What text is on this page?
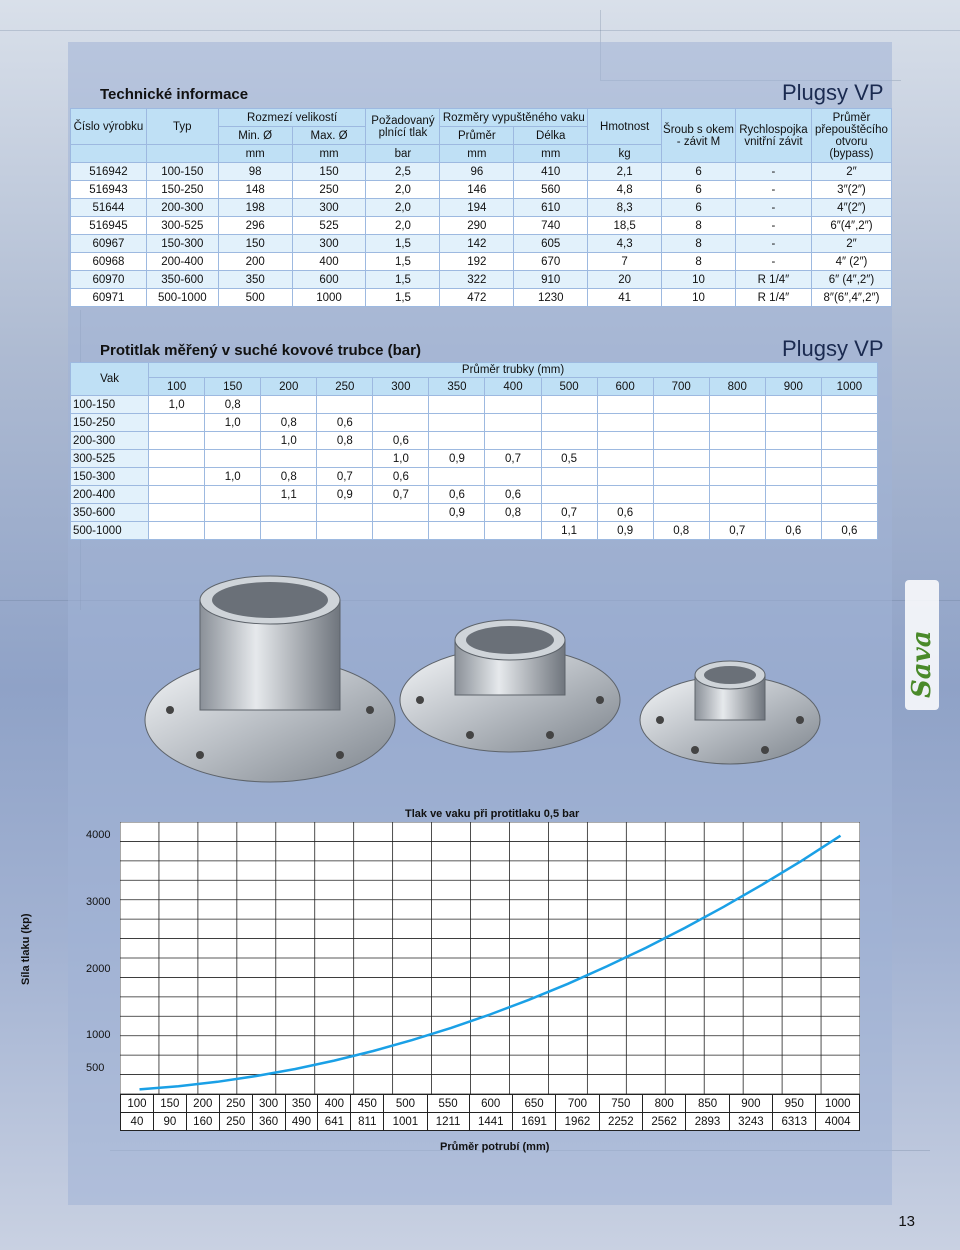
Technické informace	Plugsy VP
Číslo výrobku	Typ	Rozmezí velikostí		Požadovaný plnící tlak	Rozměry vypuštěného vaku		Hmotnost	Šroub s okem - závit M	Rychlospojka vnitřní závit	Průměr přepouštěcího otvoru (bypass)
		Min. Ø	Max. Ø		Průměr	Délka				
		mm	mm	bar	mm	mm	kg			
516942	100-150	98	150	2,5	96	410	2,1	6	-	2″
516943	150-250	148	250	2,0	146	560	4,8	6	-	3″(2″)
51644	200-300	198	300	2,0	194	610	8,3	6	-	4″(2″)
516945	300-525	296	525	2,0	290	740	18,5	8	-	6″(4″,2″)
60967	150-300	150	300	1,5	142	605	4,3	8	-	2″
60968	200-400	200	400	1,5	192	670	7	8	-	4″ (2″)
60970	350-600	350	600	1,5	322	910	20	10	R 1/4″	6″ (4″,2″)
60971	500-1000	500	1000	1,5	472	1230	41	10	R 1/4″	8″(6″,4″,2″)
Protitlak měřený v suché kovové trubce (bar)	Plugsy VP
Vak	Průměr trubky (mm)												
	100	150	200	250	300	350	400	500	600	700	800	900	1000
100-150	1,0	0,8											
150-250		1,0	0,8	0,6									
200-300			1,0	0,8	0,6								
300-525					1,0	0,9	0,7	0,5					
150-300		1,0	0,8	0,7	0,6								
200-400			1,1	0,9	0,7	0,6	0,6						
350-600						0,9	0,8	0,7	0,6				
500-1000								1,1	0,9	0,8	0,7	0,6	0,6
Sava
Tlak ve vaku při protitlaku 0,5 bar
Síla tlaku (kp)
4000
3000
2000
1000
500
100	150	200	250	300	350	400	450	500	550	600	650	700	750	800	850	900	950	1000
40	90	160	250	360	490	641	811	1001	1211	1441	1691	1962	2252	2562	2893	3243	6313	4004
Průměr potrubí (mm)
13
